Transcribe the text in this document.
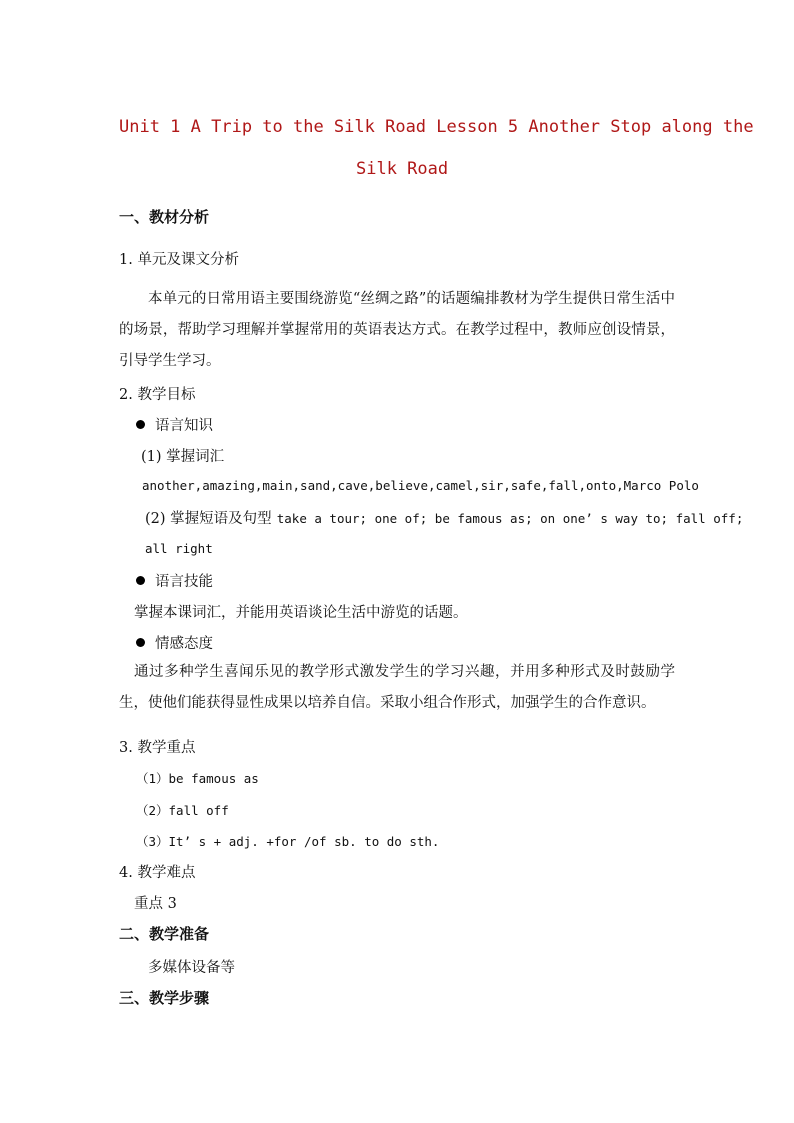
Unit 1 A Trip to the Silk Road Lesson 5 Another Stop along the
Silk Road
一、教材分析
1. 单元及课文分析
本单元的日常用语主要围绕游览“丝绸之路”的话题编排教材为学生提供日常生活中的场景，帮助学习理解并掌握常用的英语表达方式。在教学过程中，教师应创设情景，引导学生学习。
2. 教学目标
语言知识
(1) 掌握词汇
another,amazing,main,sand,cave,believe,camel,sir,safe,fall,onto,Marco Polo
(2) 掌握短语及句型 take a tour; one of; be famous as; on one’ s way to; fall off;
all right
语言技能
掌握本课词汇，并能用英语谈论生活中游览的话题。
情感态度
通过多种学生喜闻乐见的教学形式激发学生的学习兴趣，并用多种形式及时鼓励学生，使他们能获得显性成果以培养自信。采取小组合作形式，加强学生的合作意识。
3. 教学重点
（1）be famous as
（2）fall off
（3）It’ s + adj. +for /of sb. to do sth.
4. 教学难点
重点 3
二、教学准备
多媒体设备等
三、教学步骤
